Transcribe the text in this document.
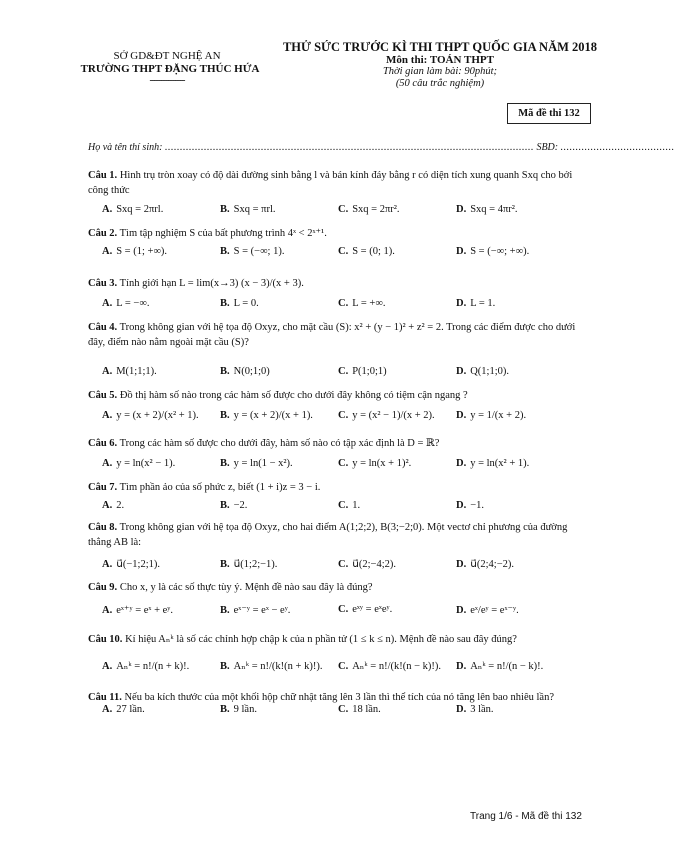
SỞ GD&ĐT NGHỆ AN
TRƯỜNG THPT ĐẶNG THÚC HỨA
---------------
THỬ SỨC TRƯỚC KÌ THI THPT QUỐC GIA NĂM 2018
Môn thi: TOÁN THPT
Thời gian làm bài: 90phút;
(50 câu trắc nghiệm)
Mã đề thi 132
Họ và tên thí sinh: ........................................................................................................................... SBD: ......................................
Câu 1. Hình trụ tròn xoay có độ dài đường sinh bằng l và bán kính đáy bằng r có diện tích xung quanh Sxq cho bởi công thức
A. Sxq = 2πrl.	B. Sxq = πrl.	C. Sxq = 2πr².	D. Sxq = 4πr².
Câu 2. Tìm tập nghiệm S của bất phương trình 4ˣ < 2ˣ⁺¹.
A. S = (1; +∞).	B. S = (−∞; 1).	C. S = (0; 1).	D. S = (−∞; +∞).
Câu 3. Tính giới hạn L = lim(x→3) (x − 3)/(x + 3).
A. L = −∞.	B. L = 0.	C. L = +∞.	D. L = 1.
Câu 4. Trong không gian với hệ tọa độ Oxyz, cho mặt cầu (S): x² + (y − 1)² + z² = 2. Trong các điểm được cho dưới đây, điểm nào nằm ngoài mặt cầu (S)?
A. M(1;1;1).	B. N(0;1;0)	C. P(1;0;1)	D. Q(1;1;0).
Câu 5. Đồ thị hàm số nào trong các hàm số được cho dưới đây không có tiệm cận ngang ?
A. y = (x + 2)/(x² + 1). B. y = (x + 2)/(x + 1). C. y = (x² − 1)/(x + 2). D. y = 1/(x + 2).
Câu 6. Trong các hàm số được cho dưới đây, hàm số nào có tập xác định là D = ℝ?
A. y = ln(x² − 1).	B. y = ln(1 − x²).	C. y = ln(x + 1)².	D. y = ln(x² + 1).
Câu 7. Tìm phần ảo của số phức z, biết (1 + i)z = 3 − i.
A. 2.	B. −2.	C. 1.	D. −1.
Câu 8. Trong không gian với hệ tọa độ Oxyz, cho hai điểm A(1;2;2), B(3;−2;0). Một vectơ chỉ phương của đường thẳng AB là:
A. u⃗(−1;2;1).	B. u⃗(1;2;−1).	C. u⃗(2;−4;2).	D. u⃗(2;4;−2).
Câu 9. Cho x, y là các số thực tùy ý. Mệnh đề nào sau đây là đúng?
A. eˣ⁺ʸ = eˣ + eʸ.	B. eˣ⁻ʸ = eˣ − eʸ.	C. eˣʸ = eˣeʸ.	D. eˣ/eʸ = eˣ⁻ʸ.
Câu 10. Kí hiệu Aₙᵏ là số các chỉnh hợp chập k của n phần tử (1 ≤ k ≤ n). Mệnh đề nào sau đây đúng?
A. Aₙᵏ = n!/(n + k)!.	B. Aₙᵏ = n!/(k!(n + k)!). C. Aₙᵏ = n!/(k!(n − k)!). D. Aₙᵏ = n!/(n − k)!.
Câu 11. Nếu ba kích thước của một khối hộp chữ nhật tăng lên 3 lần thì thể tích của nó tăng lên bao nhiêu lần?
A. 27 lần.	B. 9 lần.	C. 18 lần.	D. 3 lần.
Trang 1/6 - Mã đề thi 132
